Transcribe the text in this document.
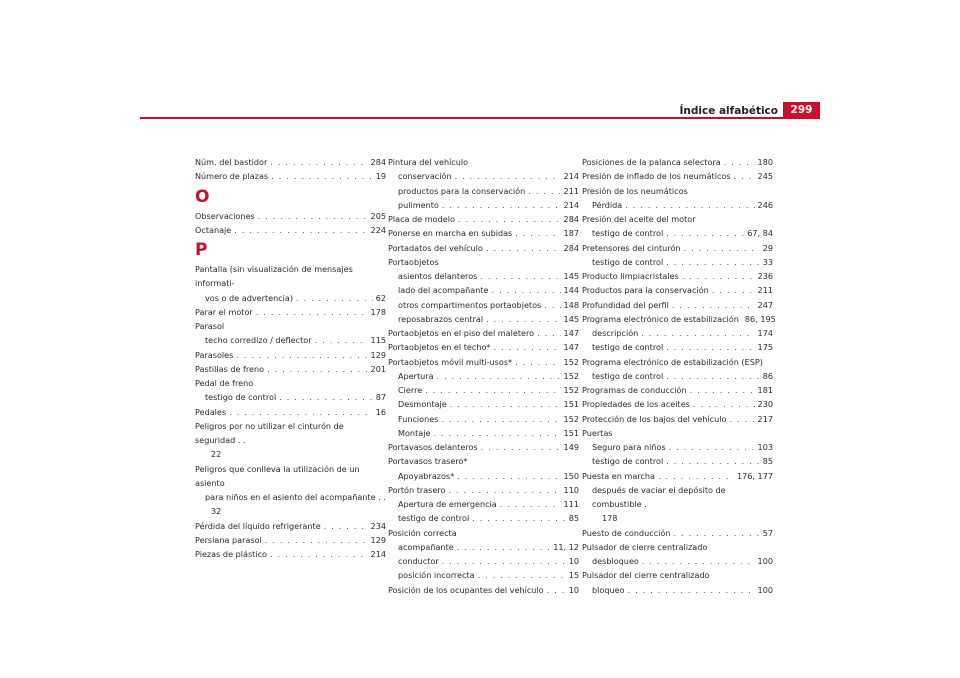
Índice alfabético	299
Núm. del bastidor . . .	284
Número de plazas . . .	19
O
Observaciones . . .	205
Octanaje . . .	224
P
Pantalla (sin visualización de mensajes informati-
vos o de advertencia) . . .	62
Parar el motor . . .	178
Parasol
techo corredizo / deflector . . .	115
Parasoles . . .	129
Pastillas de freno . . .	201
Pedal de freno
testigo de control . . .	87
Pedales . . .	16
Peligros por no utilizar el cinturón de seguridad . .
22
Peligros que conlleva la utilización de un asiento
para niños en el asiento del acompañante . .
32
Pérdida del líquido refrigerante . . .	234
Persiana parasol . . .	129
Piezas de plástico . . .	214
Pintura del vehículo
conservación . . .	214
productos para la conservación . . .	211
pulimento . . .	214
Placa de modelo . . .	284
Ponerse en marcha en subidas . . .	187
Portadatos del vehículo . . .	284
Portaobjetos
asientos delanteros . . .	145
lado del acompañante . . .	144
otros compartimentos portaobjetos . . .	148
reposabrazos central . . .	145
Portaobjetos en el piso del maletero . . .	147
Portaobjetos en el techo* . . .	147
Portaobjetos móvil multi-usos* . . .	152
Apertura . . .	152
Cierre . . .	152
Desmontaje . . .	151
Funciones . . .	152
Montaje . . .	151
Portavasos delanteros . . .	149
Portavasos trasero*
Apoyabrazos* . . .	150
Portón trasero . . .	110
Apertura de emergencia . . .	111
testigo de control . . .	85
Posición correcta
acompañante . . .	11, 12
conductor . . .	10
posición incorrecta . . .	15
Posición de los ocupantes del vehículo . . .	10
Posiciones de la palanca selectora . . .	180
Presión de inflado de los neumáticos . . .	245
Presión de los neumáticos
Pérdida . . .	246
Presión del aceite del motor
testigo de control . . .	67, 84
Pretensores del cinturón . . .	29
testigo de control . . .	33
Producto limpiacristales . . .	236
Productos para la conservación . . .	211
Profundidad del perfil . . .	247
Programa electrónico de estabilización 86, 195
descripción . . .	174
testigo de control . . .	175
Programa electrónico de estabilización (ESP)
testigo de control . . .	86
Programas de conducción . . .	181
Propiedades de los aceites . . .	230
Protección de los bajos del vehículo . . .	217
Puertas
Seguro para niños . . .	103
testigo de control . . .	85
Puesta en marcha . . .	176, 177
después de vaciar el depósito de combustible .
178
Puesto de conducción . . .	57
Pulsador de cierre centralizado
desbloqueo . . .	100
Pulsador del cierre centralizado
bloqueo . . .	100
